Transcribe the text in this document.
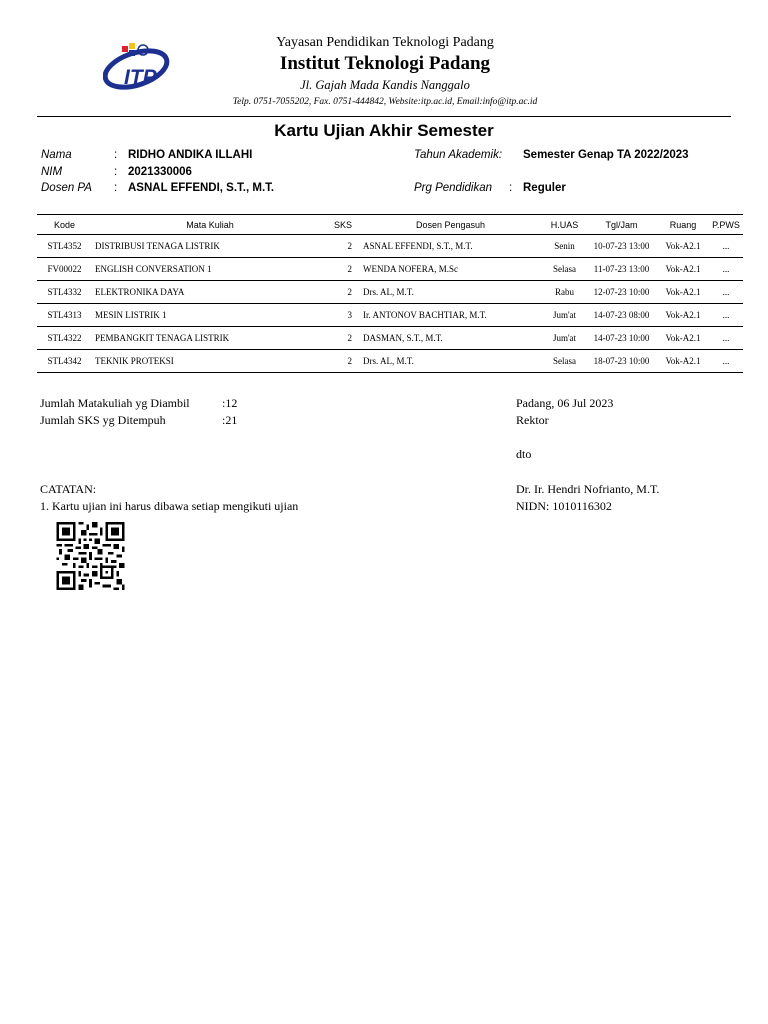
ITP
Yayasan Pendidikan Teknologi Padang
Institut Teknologi Padang
Jl. Gajah Mada Kandis Nanggalo
Telp. 0751-7055202, Fax. 0751-444842, Website:itp.ac.id, Email:info@itp.ac.id
Kartu Ujian Akhir Semester
Nama	: RIDHO ANDIKA ILLAHI
NIM	: 2021330006
Dosen PA : ASNAL EFFENDI, S.T., M.T.
Tahun Akademik: Semester Genap TA 2022/2023
Prg Pendidikan : Reguler
Kode	Mata Kuliah	SKS	Dosen Pengasuh	H.UAS	Tgl/Jam	Ruang	P.PWS
STL4352	DISTRIBUSI TENAGA LISTRIK	2	ASNAL EFFENDI, S.T., M.T.	Senin	10-07-23 13:00	Vok-A2.1	...
FV00022	ENGLISH CONVERSATION 1	2	WENDA NOFERA, M.Sc	Selasa	11-07-23 13:00	Vok-A2.1	...
STL4332	ELEKTRONIKA DAYA	2	Drs. AL, M.T.	Rabu	12-07-23 10:00	Vok-A2.1	...
STL4313	MESIN LISTRIK 1	3	Ir. ANTONOV BACHTIAR, M.T.	Jum'at	14-07-23 08:00	Vok-A2.1	...
STL4322	PEMBANGKIT TENAGA LISTRIK	2	DASMAN, S.T., M.T.	Jum'at	14-07-23 10:00	Vok-A2.1	...
STL4342	TEKNIK PROTEKSI	2	Drs. AL, M.T.	Selasa	18-07-23 10:00	Vok-A2.1	...
Jumlah Matakuliah yg Diambil	:12
Jumlah SKS yg Ditempuh	:21
Padang, 06 Jul 2023
Rektor
dto
Dr. Ir. Hendri Nofrianto, M.T.
NIDN: 1010116302
CATATAN:
1. Kartu ujian ini harus dibawa setiap mengikuti ujian
